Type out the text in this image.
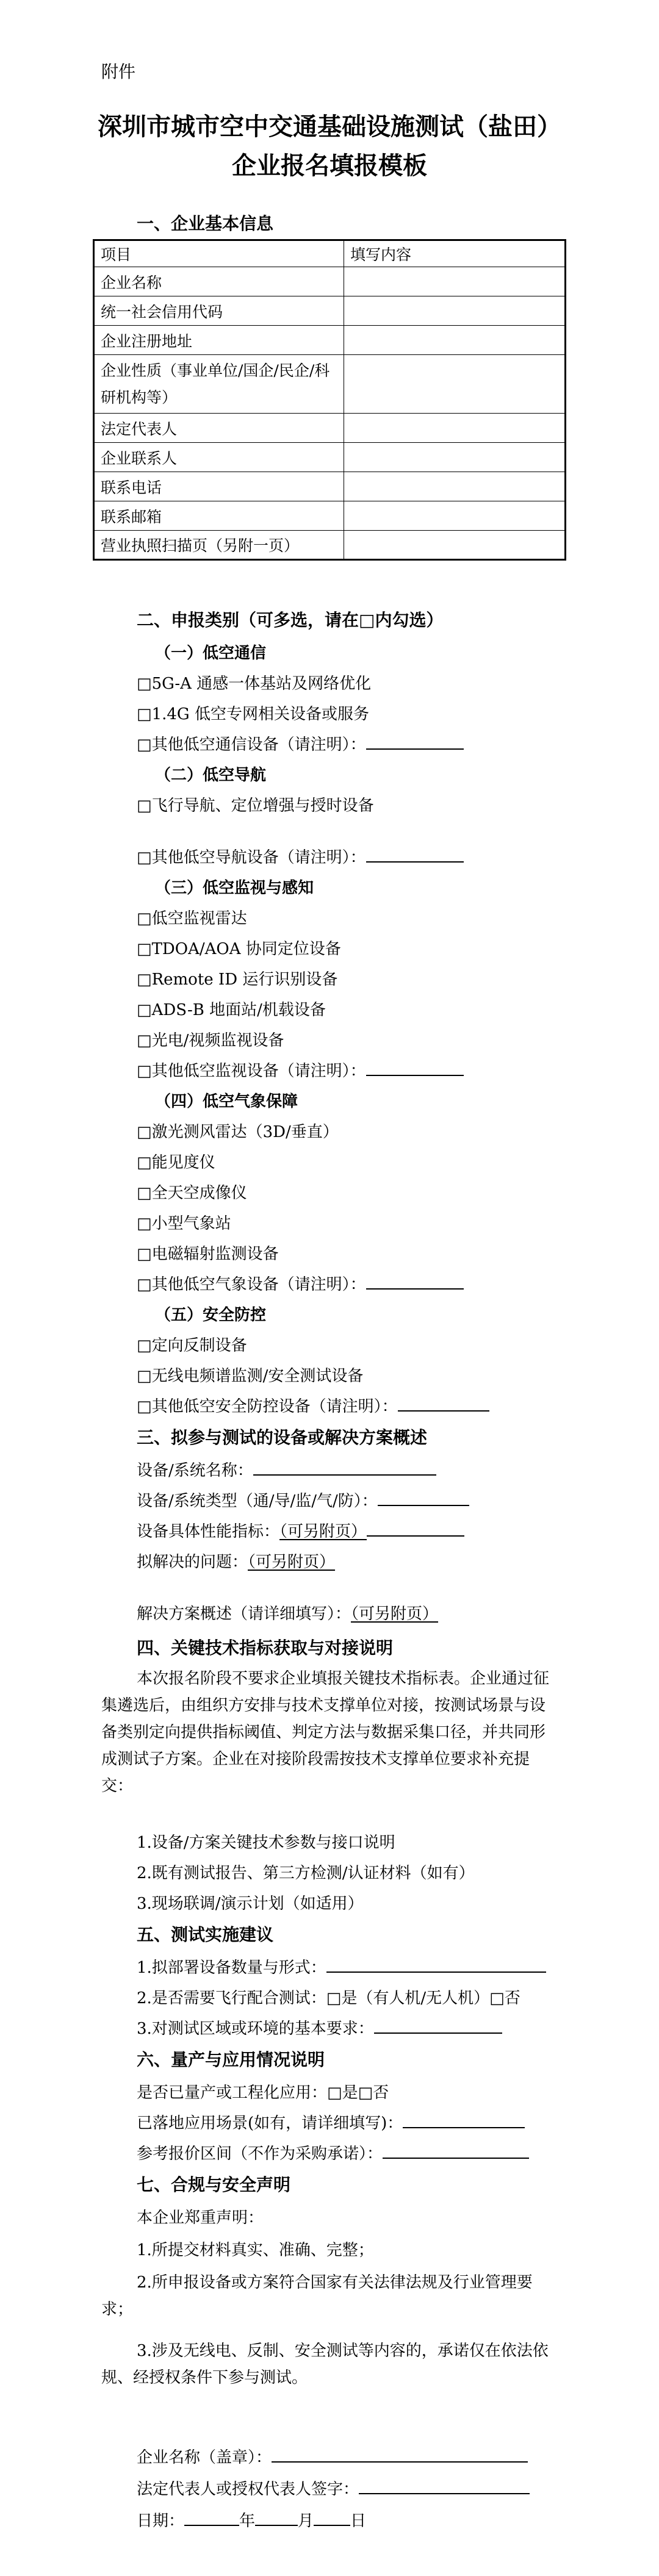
附件
深圳市城市空中交通基础设施测试（盐田）
企业报名填报模板
一、企业基本信息
项目	填写内容
企业名称	
统一社会信用代码	
企业注册地址	
企业性质（事业单位/国企/民企/科研机构等）	
法定代表人	
企业联系人	
联系电话	
联系邮箱	
营业执照扫描页（另附一页）	
二、申报类别（可多选，请在□内勾选）
（一）低空通信
□5G-A 通感一体基站及网络优化
□1.4G 低空专网相关设备或服务
□其他低空通信设备（请注明）：
（二）低空导航
□飞行导航、定位增强与授时设备
□其他低空导航设备（请注明）：
（三）低空监视与感知
□低空监视雷达
□TDOA/AOA 协同定位设备
□Remote ID 运行识别设备
□ADS-B 地面站/机载设备
□光电/视频监视设备
□其他低空监视设备（请注明）：
（四）低空气象保障
□激光测风雷达（3D/垂直）
□能见度仪
□全天空成像仪
□小型气象站
□电磁辐射监测设备
□其他低空气象设备（请注明）：
（五）安全防控
□定向反制设备
□无线电频谱监测/安全测试设备
□其他低空安全防控设备（请注明）：
三、拟参与测试的设备或解决方案概述
设备/系统名称：
设备/系统类型（通/导/监/气/防）：
设备具体性能指标：（可另附页）
拟解决的问题：（可另附页）
解决方案概述（请详细填写）：（可另附页）
四、关键技术指标获取与对接说明
本次报名阶段不要求企业填报关键技术指标表。企业通过征集遴选后，由组织方安排与技术支撑单位对接，按测试场景与设备类别定向提供指标阈值、判定方法与数据采集口径，并共同形成测试子方案。企业在对接阶段需按技术支撑单位要求补充提交：
1.设备/方案关键技术参数与接口说明
2.既有测试报告、第三方检测/认证材料（如有）
3.现场联调/演示计划（如适用）
五、测试实施建议
1.拟部署设备数量与形式：
2.是否需要飞行配合测试：□是（有人机/无人机）□否
3.对测试区域或环境的基本要求：
六、量产与应用情况说明
是否已量产或工程化应用：□是□否
已落地应用场景(如有，请详细填写)：
参考报价区间（不作为采购承诺）：
七、合规与安全声明
本企业郑重声明：
1.所提交材料真实、准确、完整；
2.所申报设备或方案符合国家有关法律法规及行业管理要求；
3.涉及无线电、反制、安全测试等内容的，承诺仅在依法依规、经授权条件下参与测试。
企业名称（盖章）：
法定代表人或授权代表人签字：
日期：	年	月 日
